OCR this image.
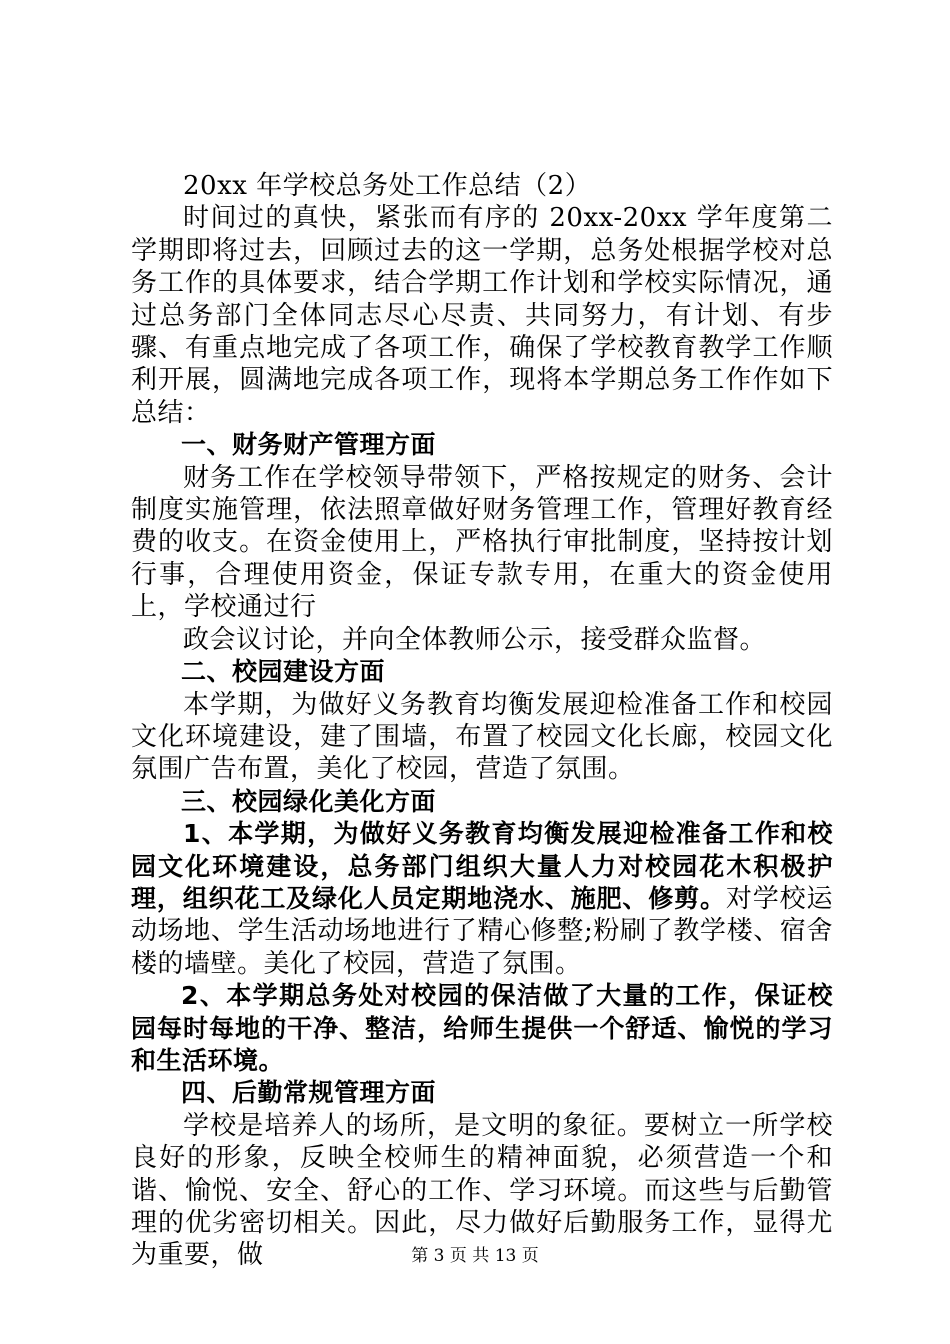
20xx 年学校总务处工作总结（2）

时间过的真快，紧张而有序的 20xx-20xx 学年度第二学期即将过去，回顾过去的这一学期，总务处根据学校对总务工作的具体要求，结合学期工作计划和学校实际情况，通过总务部门全体同志尽心尽责、共同努力，有计划、有步骤、有重点地完成了各项工作，确保了学校教育教学工作顺利开展，圆满地完成各项工作，现将本学期总务工作作如下总结：

一、财务财产管理方面

财务工作在学校领导带领下，严格按规定的财务、会计制度实施管理，依法照章做好财务管理工作，管理好教育经费的收支。在资金使用上，严格执行审批制度，坚持按计划行事，合理使用资金，保证专款专用，在重大的资金使用上，学校通过行

政会议讨论，并向全体教师公示，接受群众监督。

二、校园建设方面

本学期，为做好义务教育均衡发展迎检准备工作和校园文化环境建设，建了围墙，布置了校园文化长廊，校园文化氛围广告布置，美化了校园，营造了氛围。

三、校园绿化美化方面

1、本学期，为做好义务教育均衡发展迎检准备工作和校园文化环境建设，总务部门组织大量人力对校园花木积极护理，组织花工及绿化人员定期地浇水、施肥、修剪。对学校运动场地、学生活动场地进行了精心修整;粉刷了教学楼、宿舍楼的墙壁。美化了校园，营造了氛围。

2、本学期总务处对校园的保洁做了大量的工作，保证校园每时每地的干净、整洁，给师生提供一个舒适、愉悦的学习和生活环境。

四、后勤常规管理方面

学校是培养人的场所，是文明的象征。要树立一所学校良好的形象，反映全校师生的精神面貌，必须营造一个和谐、愉悦、安全、舒心的工作、学习环境。而这些与后勤管理的优劣密切相关。因此，尽力做好后勤服务工作，显得尤为重要，做	第 3 页 共 13 页
